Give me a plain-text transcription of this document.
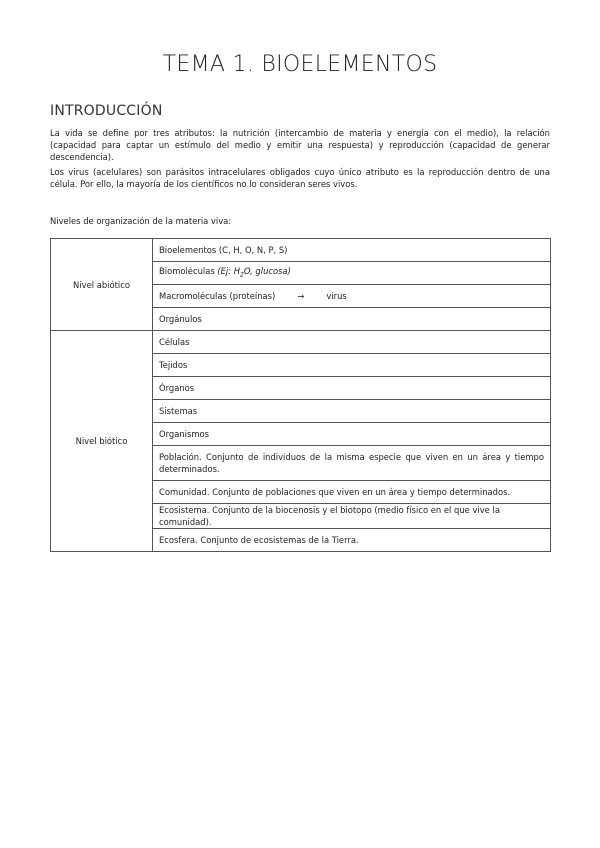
TEMA 1. BIOELEMENTOS
INTRODUCCIÓN

La vida se define por tres atributos: la nutrición (intercambio de materia y energía con el medio), la relación (capacidad para captar un estímulo del medio y emitir una respuesta) y reproducción (capacidad de generar descendencia).

Los virus (acelulares) son parásitos intracelulares obligados cuyo único atributo es la reproducción dentro de una célula. Por ello, la mayoría de los científicos no lo consideran seres vivos.

Niveles de organización de la materia viva:

Nivel abiótico	Bioelementos (C, H, O, N, P, S)
	Biomoléculas (Ej: $H_2O$, glucosa)
	Macromoléculas (proteínas) → virus
	Orgánulos
Nivel biótico	Células
	Tejidos
	Órganos
	Sistemas
	Organismos
	Población. Conjunto de individuos de la misma especie que viven en un área y tiempo determinados.
	Comunidad. Conjunto de poblaciones que viven en un área y tiempo determinados.
	Ecosistema. Conjunto de la biocenosis y el biotopo (medio físico en el que vive la comunidad).
	Ecosfera. Conjunto de ecosistemas de la Tierra.
